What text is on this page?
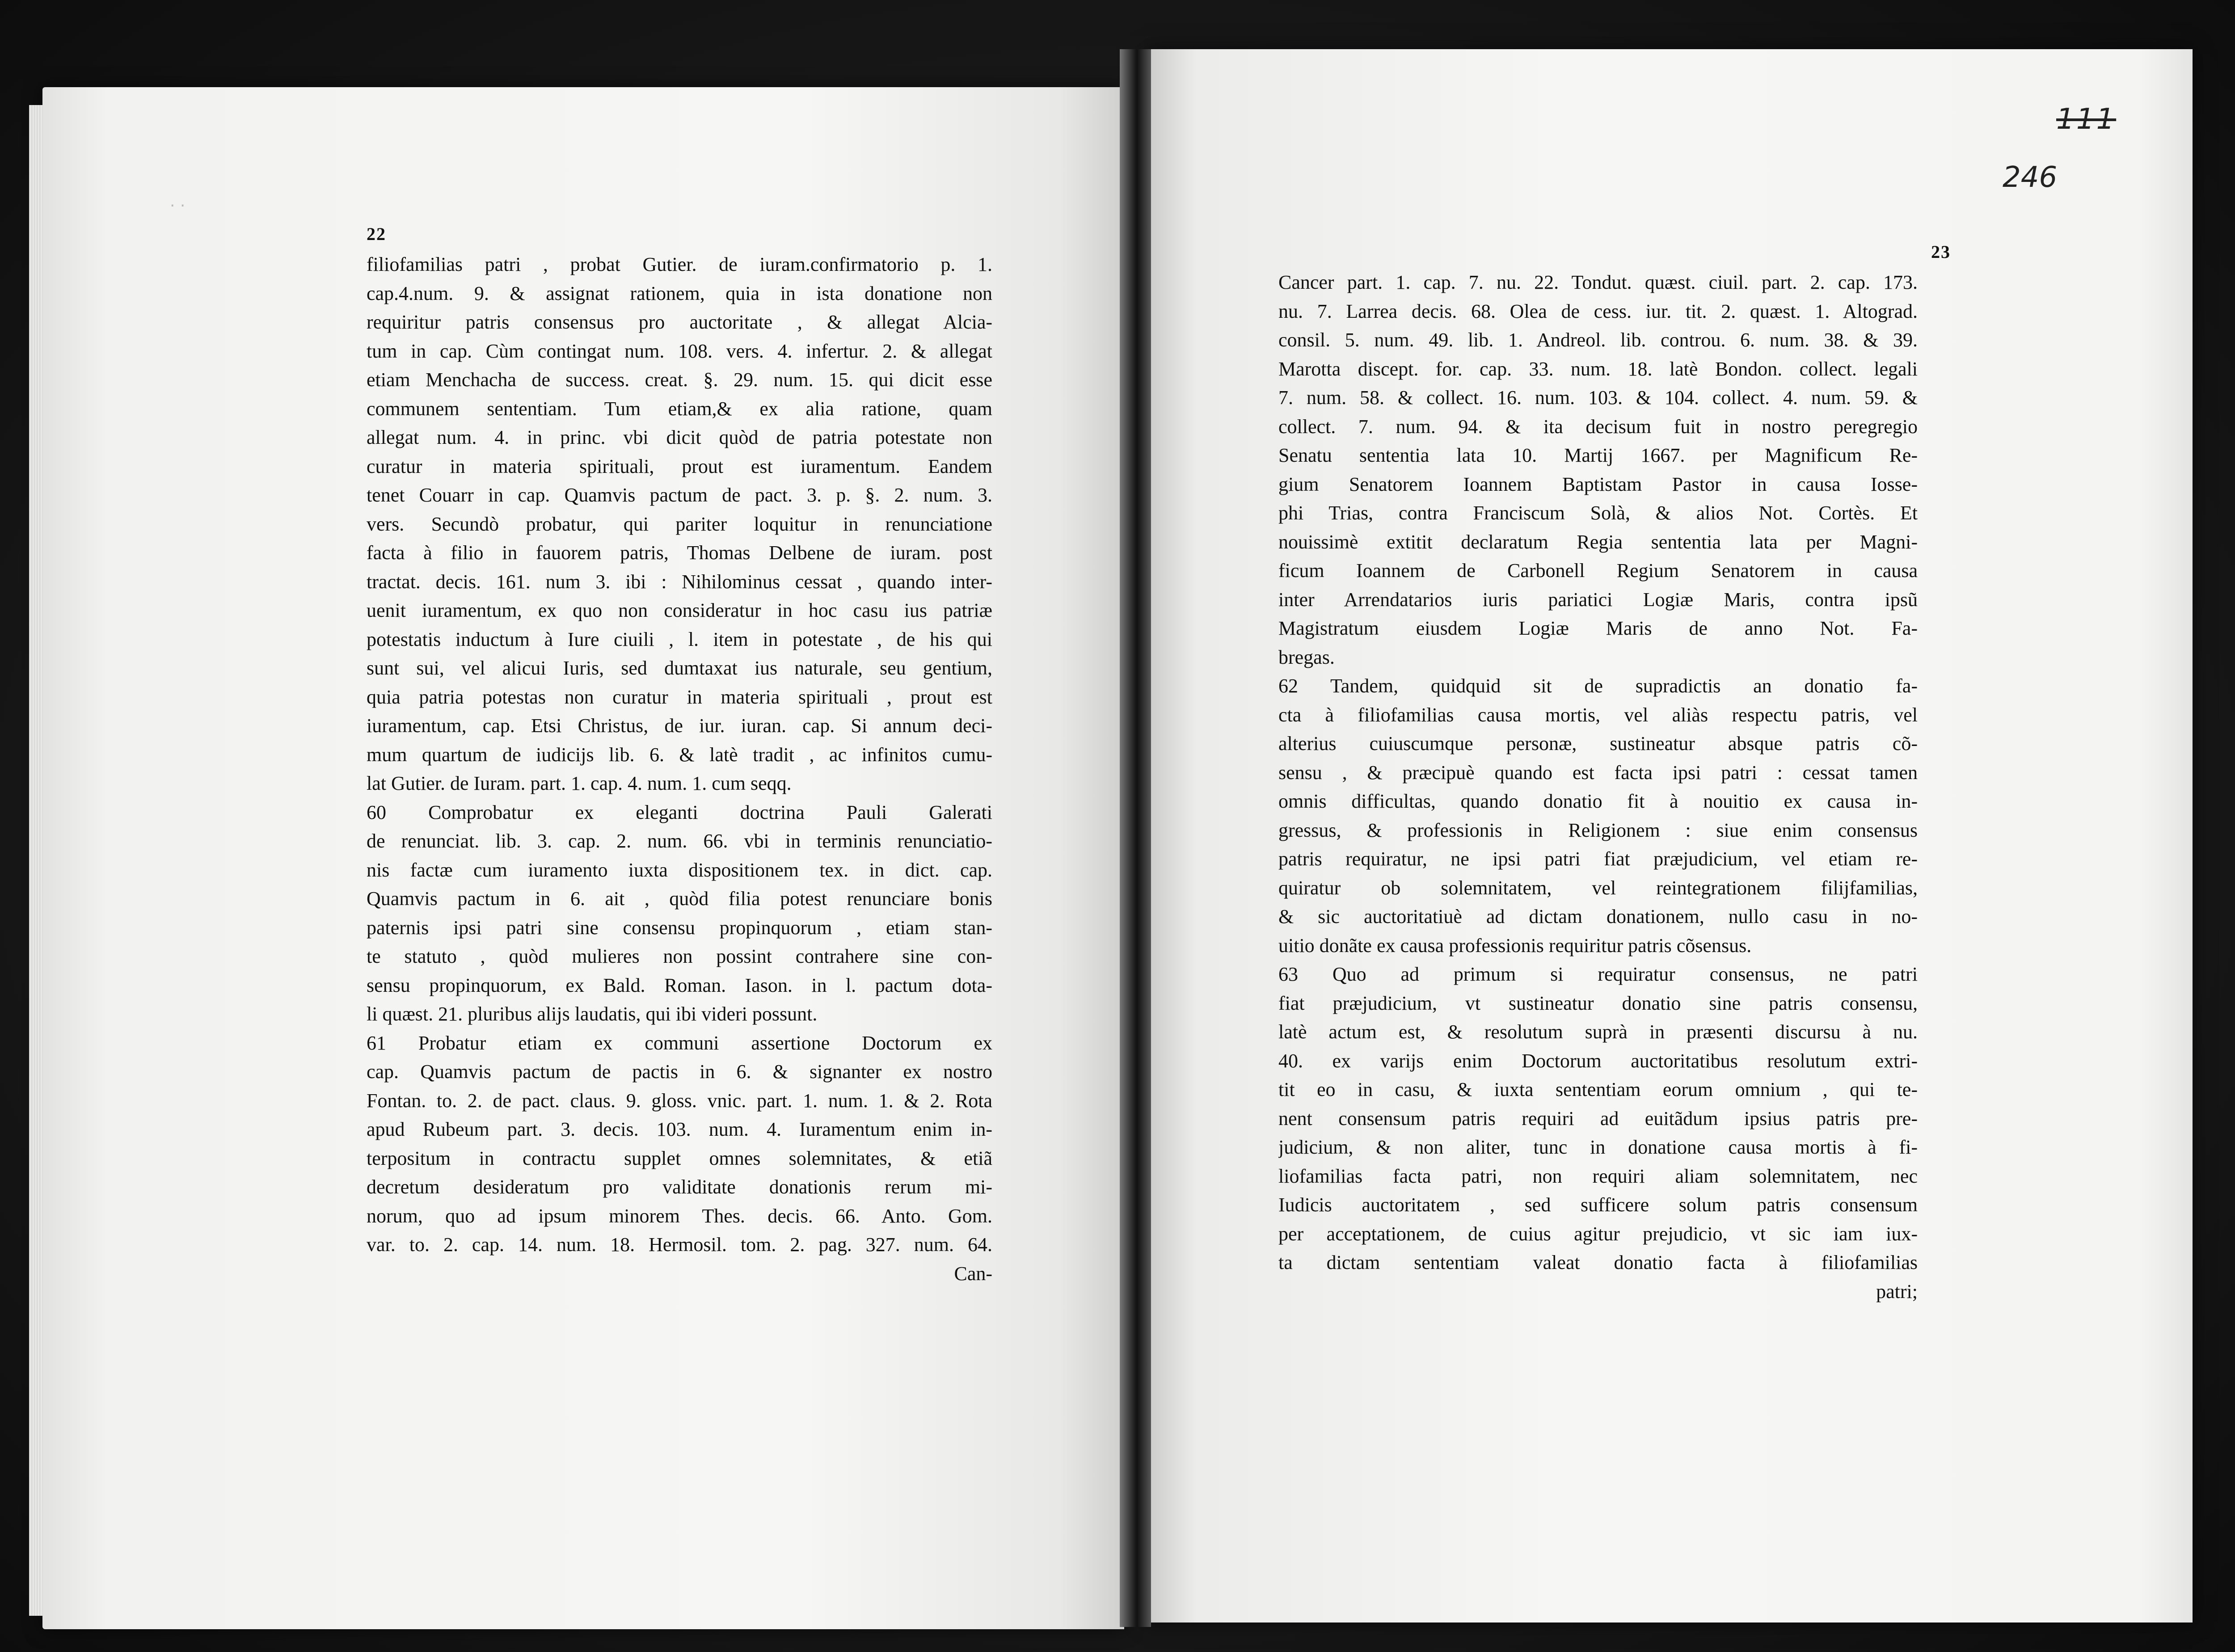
· ·
22
23
111
246
filiofamilias patri , probat Gutier. de iuram.confirmatorio p. 1.
cap.4.num. 9. & assignat rationem, quia in ista donatione non
requiritur patris consensus pro auctoritate , & allegat Alcia-
tum in cap. Cùm contingat num. 108. vers. 4. infertur. 2. & allegat
etiam Menchacha de success. creat. §. 29. num. 15. qui dicit esse
communem sententiam. Tum etiam,& ex alia ratione, quam
allegat num. 4. in princ. vbi dicit quòd de patria potestate non
curatur in materia spirituali, prout est iuramentum. Eandem
tenet Couarr in cap. Quamvis pactum de pact. 3. p. §. 2. num. 3.
vers. Secundò probatur, qui pariter loquitur in renunciatione
facta à filio in fauorem patris, Thomas Delbene de iuram. post
tractat. decis. 161. num 3. ibi : Nihilominus cessat , quando inter-
uenit iuramentum, ex quo non consideratur in hoc casu ius patriæ
potestatis inductum à Iure ciuili , l. item in potestate , de his qui
sunt sui, vel alicui Iuris, sed dumtaxat ius naturale, seu gentium,
quia patria potestas non curatur in materia spirituali , prout est
iuramentum, cap. Etsi Christus, de iur. iuran. cap. Si annum deci-
mum quartum de iudicijs lib. 6. & latè tradit , ac infinitos cumu-
lat Gutier. de Iuram. part. 1. cap. 4. num. 1. cum seqq.
60 Comprobatur ex eleganti doctrina Pauli Galerati
de renunciat. lib. 3. cap. 2. num. 66. vbi in terminis renunciatio-
nis factæ cum iuramento iuxta dispositionem tex. in dict. cap.
Quamvis pactum in 6. ait , quòd filia potest renunciare bonis
paternis ipsi patri sine consensu propinquorum , etiam stan-
te statuto , quòd mulieres non possint contrahere sine con-
sensu propinquorum, ex Bald. Roman. Iason. in l. pactum dota-
li quæst. 21. pluribus alijs laudatis, qui ibi videri possunt.
61 Probatur etiam ex communi assertione Doctorum ex
cap. Quamvis pactum de pactis in 6. & signanter ex nostro
Fontan. to. 2. de pact. claus. 9. gloss. vnic. part. 1. num. 1. & 2. Rota
apud Rubeum part. 3. decis. 103. num. 4. Iuramentum enim in-
terpositum in contractu supplet omnes solemnitates, & etiã
decretum desideratum pro validitate donationis rerum mi-
norum, quo ad ipsum minorem Thes. decis. 66. Anto. Gom.
var. to. 2. cap. 14. num. 18. Hermosil. tom. 2. pag. 327. num. 64.
Can-
Cancer part. 1. cap. 7. nu. 22. Tondut. quæst. ciuil. part. 2. cap. 173.
nu. 7. Larrea decis. 68. Olea de cess. iur. tit. 2. quæst. 1. Altograd.
consil. 5. num. 49. lib. 1. Andreol. lib. controu. 6. num. 38. & 39.
Marotta discept. for. cap. 33. num. 18. latè Bondon. collect. legali
7. num. 58. & collect. 16. num. 103. & 104. collect. 4. num. 59. &
collect. 7. num. 94. & ita decisum fuit in nostro peregregio
Senatu sententia lata 10. Martij 1667. per Magnificum Re-
gium Senatorem Ioannem Baptistam Pastor in causa Iosse-
phi Trias, contra Franciscum Solà, & alios Not. Cortès. Et
nouissimè extitit declaratum Regia sententia lata per Magni-
ficum Ioannem de Carbonell Regium Senatorem in causa
inter Arrendatarios iuris pariatici Logiæ Maris, contra ipsũ
Magistratum eiusdem Logiæ Maris de anno Not. Fa-
bregas.
62 Tandem, quidquid sit de supradictis an donatio fa-
cta à filiofamilias causa mortis, vel aliàs respectu patris, vel
alterius cuiuscumque personæ, sustineatur absque patris cõ-
sensu , & præcipuè quando est facta ipsi patri : cessat tamen
omnis difficultas, quando donatio fit à nouitio ex causa in-
gressus, & professionis in Religionem : siue enim consensus
patris requiratur, ne ipsi patri fiat præjudicium, vel etiam re-
quiratur ob solemnitatem, vel reintegrationem filijfamilias,
& sic auctoritatiuè ad dictam donationem, nullo casu in no-
uitio donãte ex causa professionis requiritur patris cõsensus.
63 Quo ad primum si requiratur consensus, ne patri
fiat præjudicium, vt sustineatur donatio sine patris consensu,
latè actum est, & resolutum suprà in præsenti discursu à nu.
40. ex varijs enim Doctorum auctoritatibus resolutum extri-
tit eo in casu, & iuxta sententiam eorum omnium , qui te-
nent consensum patris requiri ad euitãdum ipsius patris pre-
judicium, & non aliter, tunc in donatione causa mortis à fi-
liofamilias facta patri, non requiri aliam solemnitatem, nec
Iudicis auctoritatem , sed sufficere solum patris consensum
per acceptationem, de cuius agitur prejudicio, vt sic iam iux-
ta dictam sententiam valeat donatio facta à filiofamilias
patri;
